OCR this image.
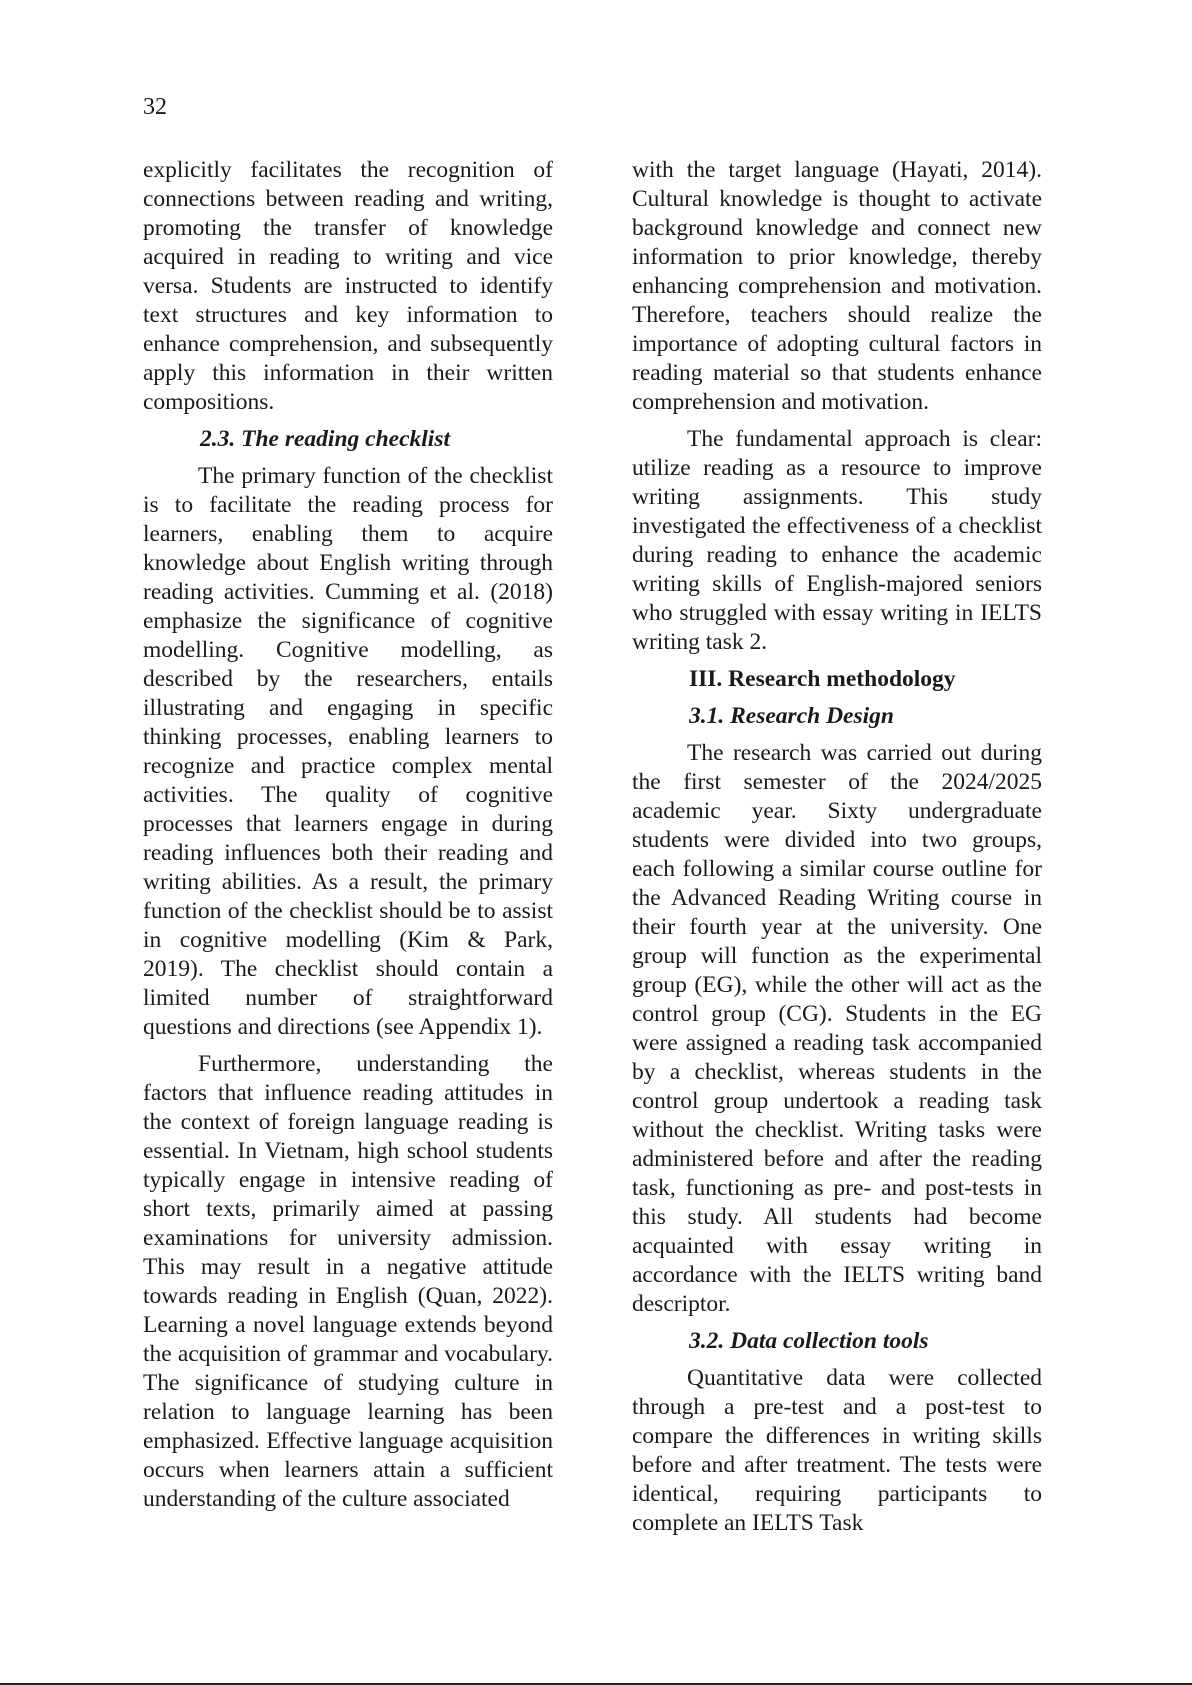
32

explicitly facilitates the recognition of connections between reading and writing, promoting the transfer of knowledge acquired in reading to writing and vice versa. Students are instructed to identify text structures and key information to enhance comprehension, and subsequently apply this information in their written compositions.

2.3. The reading checklist

The primary function of the checklist is to facilitate the reading process for learners, enabling them to acquire knowledge about English writing through reading activities. Cumming et al. (2018) emphasize the significance of cognitive modelling. Cognitive modelling, as described by the researchers, entails illustrating and engaging in specific thinking processes, enabling learners to recognize and practice complex mental activities. The quality of cognitive processes that learners engage in during reading influences both their reading and writing abilities. As a result, the primary function of the checklist should be to assist in cognitive modelling (Kim & Park, 2019). The checklist should contain a limited number of straightforward questions and directions (see Appendix 1).

Furthermore, understanding the factors that influence reading attitudes in the context of foreign language reading is essential. In Vietnam, high school students typically engage in intensive reading of short texts, primarily aimed at passing examinations for university admission. This may result in a negative attitude towards reading in English (Quan, 2022). Learning a novel language extends beyond the acquisition of grammar and vocabulary. The significance of studying culture in relation to language learning has been emphasized. Effective language acquisition occurs when learners attain a sufficient understanding of the culture associated

with the target language (Hayati, 2014). Cultural knowledge is thought to activate background knowledge and connect new information to prior knowledge, thereby enhancing comprehension and motivation. Therefore, teachers should realize the importance of adopting cultural factors in reading material so that students enhance comprehension and motivation.

The fundamental approach is clear: utilize reading as a resource to improve writing assignments. This study investigated the effectiveness of a checklist during reading to enhance the academic writing skills of English-majored seniors who struggled with essay writing in IELTS writing task 2.

III. Research methodology
3.1. Research Design

The research was carried out during the first semester of the 2024/2025 academic year. Sixty undergraduate students were divided into two groups, each following a similar course outline for the Advanced Reading Writing course in their fourth year at the university. One group will function as the experimental group (EG), while the other will act as the control group (CG). Students in the EG were assigned a reading task accompanied by a checklist, whereas students in the control group undertook a reading task without the checklist. Writing tasks were administered before and after the reading task, functioning as pre- and post-tests in this study. All students had become acquainted with essay writing in accordance with the IELTS writing band descriptor.

3.2. Data collection tools

Quantitative data were collected through a pre-test and a post-test to compare the differences in writing skills before and after treatment. The tests were identical, requiring participants to complete an IELTS Task
